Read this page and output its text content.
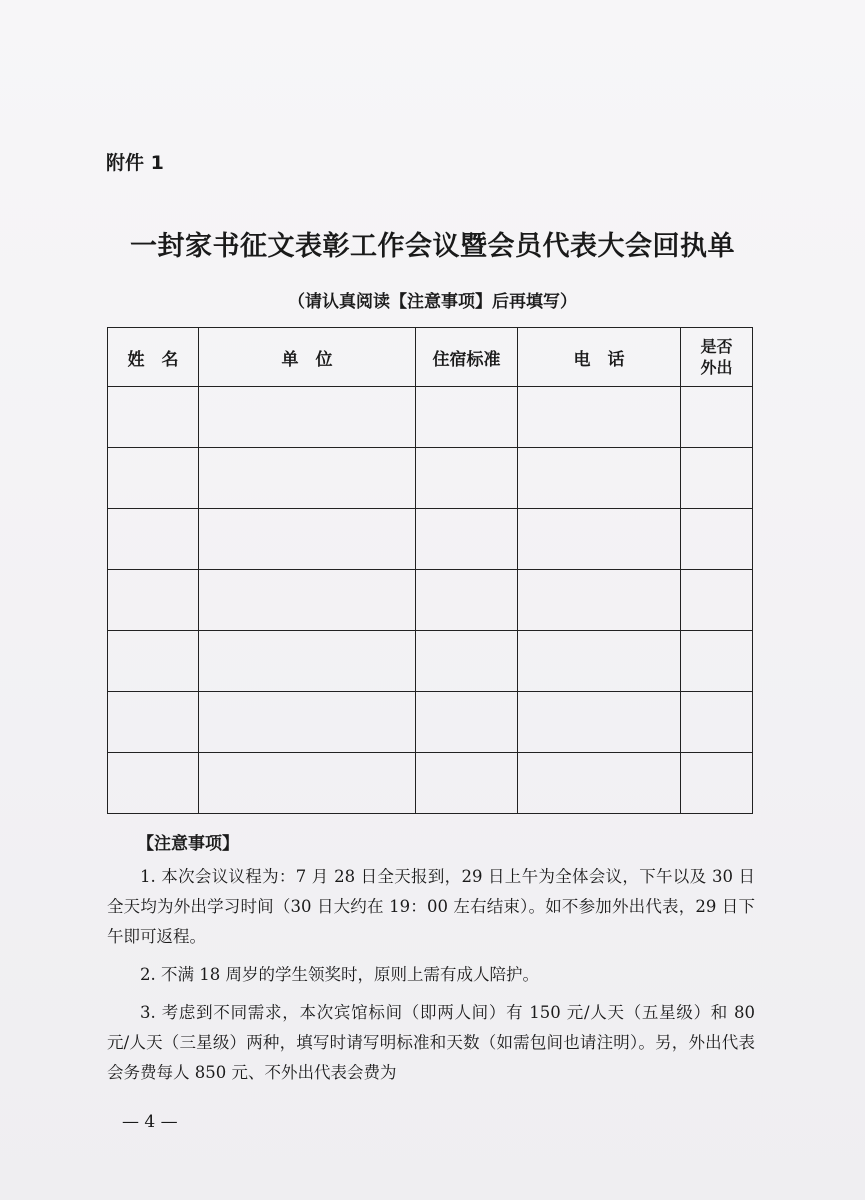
附件 1
一封家书征文表彰工作会议暨会员代表大会回执单
（请认真阅读【注意事项】后再填写）
姓　名	单　位	住宿标准	电　话	是否
外出

【注意事项】

1. 本次会议议程为：7 月 28 日全天报到，29 日上午为全体会议，下午以及 30 日全天均为外出学习时间（30 日大约在 19：00 左右结束）。如不参加外出代表，29 日下午即可返程。

2. 不满 18 周岁的学生领奖时，原则上需有成人陪护。

3. 考虑到不同需求，本次宾馆标间（即两人间）有 150 元/人天（五星级）和 80 元/人天（三星级）两种，填写时请写明标准和天数（如需包间也请注明）。另，外出代表会务费每人 850 元、不外出代表会费为

— 4 —
